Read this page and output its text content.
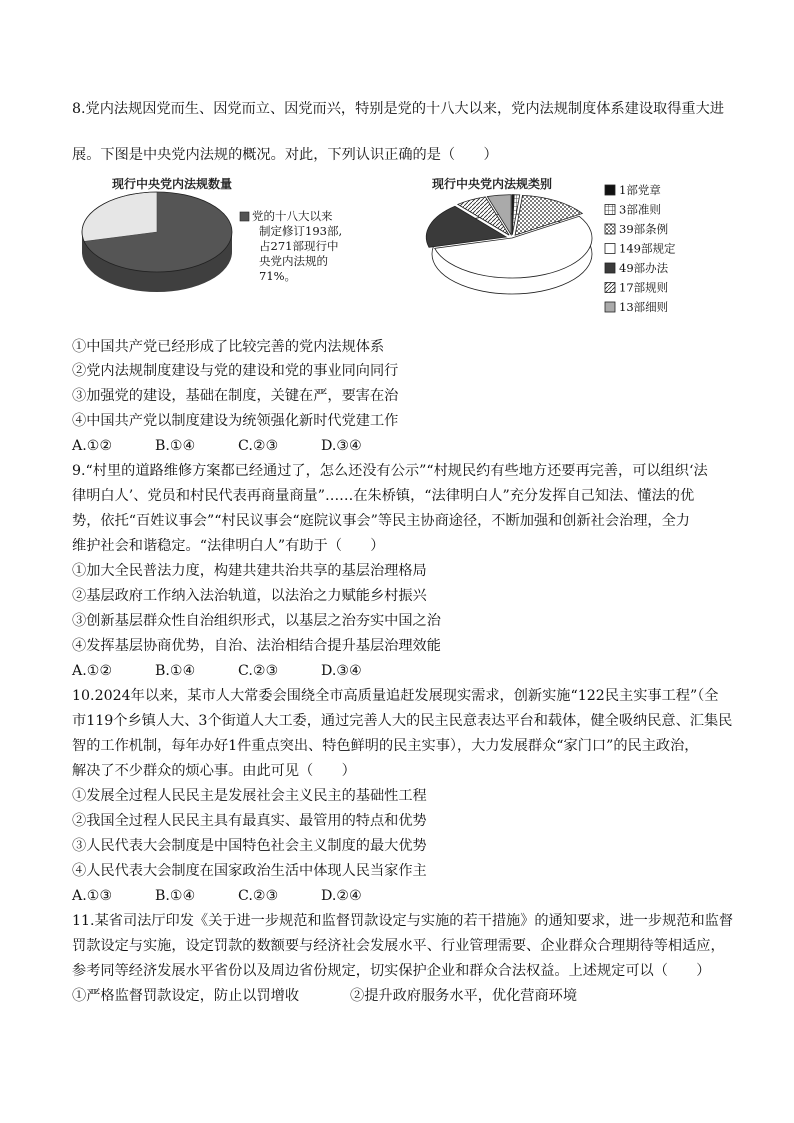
8.党内法规因党而生、因党而立、因党而兴，特别是党的十八大以来，党内法规制度体系建设取得重大进
展。下图是中央党内法规的概况。对此，下列认识正确的是（　　）
现行中央党内法规数量
党的十八大以来
制定修订193部,
占271部现行中
央党内法规的
71%。
现行中央党内法规类别	1部党章
3部准则
39部条例
149部规定
49部办法
17部规则
13部细则
①中国共产党已经形成了比较完善的党内法规体系
②党内法规制度建设与党的建设和党的事业同向同行
③加强党的建设，基础在制度，关键在严，要害在治
④中国共产党以制度建设为统领强化新时代党建工作
A.①②	B.①④	C.②③	D.③④
9.“村里的道路维修方案都已经通过了，怎么还没有公示”“村规民约有些地方还要再完善，可以组织‘法
律明白人’、党员和村民代表再商量商量”……在朱桥镇，“法律明白人”充分发挥自己知法、懂法的优
势，依托“百姓议事会”“村民议事会“庭院议事会”等民主协商途径，不断加强和创新社会治理，全力
维护社会和谐稳定。“法律明白人”有助于（　　）
①加大全民普法力度，构建共建共治共享的基层治理格局
②基层政府工作纳入法治轨道，以法治之力赋能乡村振兴
③创新基层群众性自治组织形式，以基层之治夯实中国之治
④发挥基层协商优势，自治、法治相结合提升基层治理效能
A.①②	B.①④	C.②③	D.③④
10.2024年以来，某市人大常委会围绕全市高质量追赶发展现实需求，创新实施“122民主实事工程”（全
市119个乡镇人大、3个街道人大工委，通过完善人大的民主民意表达平台和载体，健全吸纳民意、汇集民
智的工作机制，每年办好1件重点突出、特色鲜明的民主实事），大力发展群众“家门口”的民主政治，
解决了不少群众的烦心事。由此可见（　　）
①发展全过程人民民主是发展社会主义民主的基础性工程
②我国全过程人民民主具有最真实、最管用的特点和优势
③人民代表大会制度是中国特色社会主义制度的最大优势
④人民代表大会制度在国家政治生活中体现人民当家作主
A.①③	B.①④	C.②③	D.②④
11.某省司法厅印发《关于进一步规范和监督罚款设定与实施的若干措施》的通知要求，进一步规范和监督
罚款设定与实施，设定罚款的数额要与经济社会发展水平、行业管理需要、企业群众合理期待等相适应，
参考同等经济发展水平省份以及周边省份规定，切实保护企业和群众合法权益。上述规定可以（　　）
①严格监督罚款设定，防止以罚增收	②提升政府服务水平，优化营商环境
